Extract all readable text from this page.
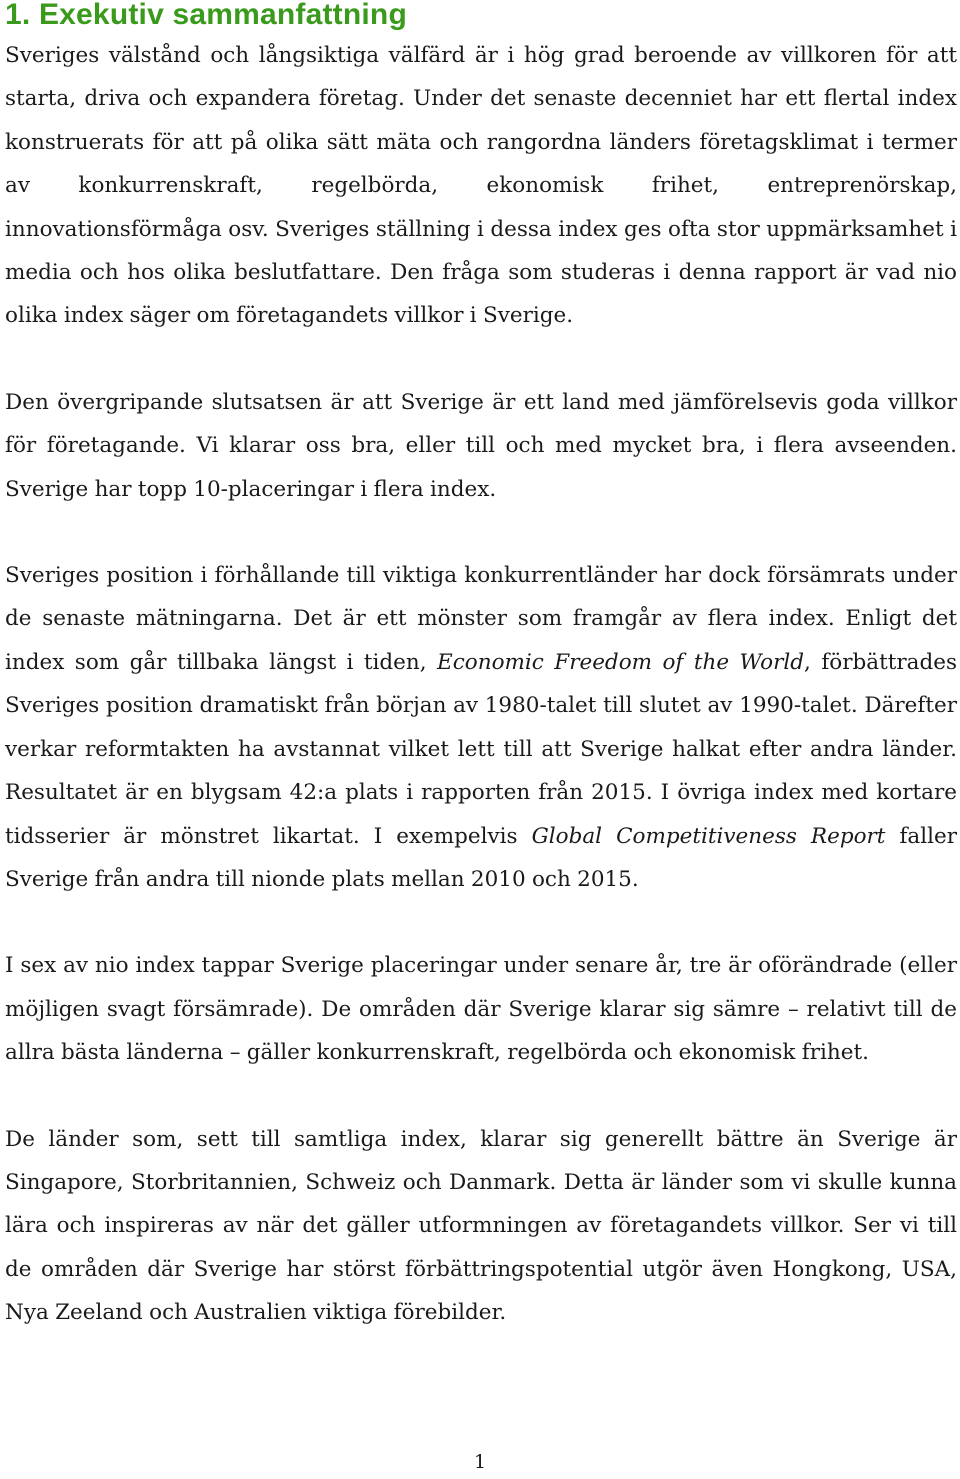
1. Exekutiv sammanfattning

Sveriges välstånd och långsiktiga välfärd är i hög grad beroende av villkoren för att starta, driva och expandera företag. Under det senaste decenniet har ett flertal index konstruerats för att på olika sätt mäta och rangordna länders företagsklimat i termer av konkurrenskraft, regelbörda, ekonomisk frihet, entreprenörskap, innovationsförmåga osv. Sveriges ställning i dessa index ges ofta stor uppmärksamhet i media och hos olika beslutfattare. Den fråga som studeras i denna rapport är vad nio olika index säger om företagandets villkor i Sverige.

Den övergripande slutsatsen är att Sverige är ett land med jämförelsevis goda villkor för företagande. Vi klarar oss bra, eller till och med mycket bra, i flera avseenden. Sverige har topp 10-placeringar i flera index.

Sveriges position i förhållande till viktiga konkurrentländer har dock försämrats under de senaste mätningarna. Det är ett mönster som framgår av flera index. Enligt det index som går tillbaka längst i tiden, Economic Freedom of the World, förbättrades Sveriges position dramatiskt från början av 1980-talet till slutet av 1990-talet. Därefter verkar reformtakten ha avstannat vilket lett till att Sverige halkat efter andra länder. Resultatet är en blygsam 42:a plats i rapporten från 2015. I övriga index med kortare tidsserier är mönstret likartat. I exempelvis Global Competitiveness Report faller Sverige från andra till nionde plats mellan 2010 och 2015.

I sex av nio index tappar Sverige placeringar under senare år, tre är oförändrade (eller möjligen svagt försämrade). De områden där Sverige klarar sig sämre – relativt till de allra bästa länderna – gäller konkurrenskraft, regelbörda och ekonomisk frihet.

De länder som, sett till samtliga index, klarar sig generellt bättre än Sverige är Singapore, Storbritannien, Schweiz och Danmark. Detta är länder som vi skulle kunna lära och inspireras av när det gäller utformningen av företagandets villkor. Ser vi till de områden där Sverige har störst förbättringspotential utgör även Hongkong, USA, Nya Zeeland och Australien viktiga förebilder.

1
